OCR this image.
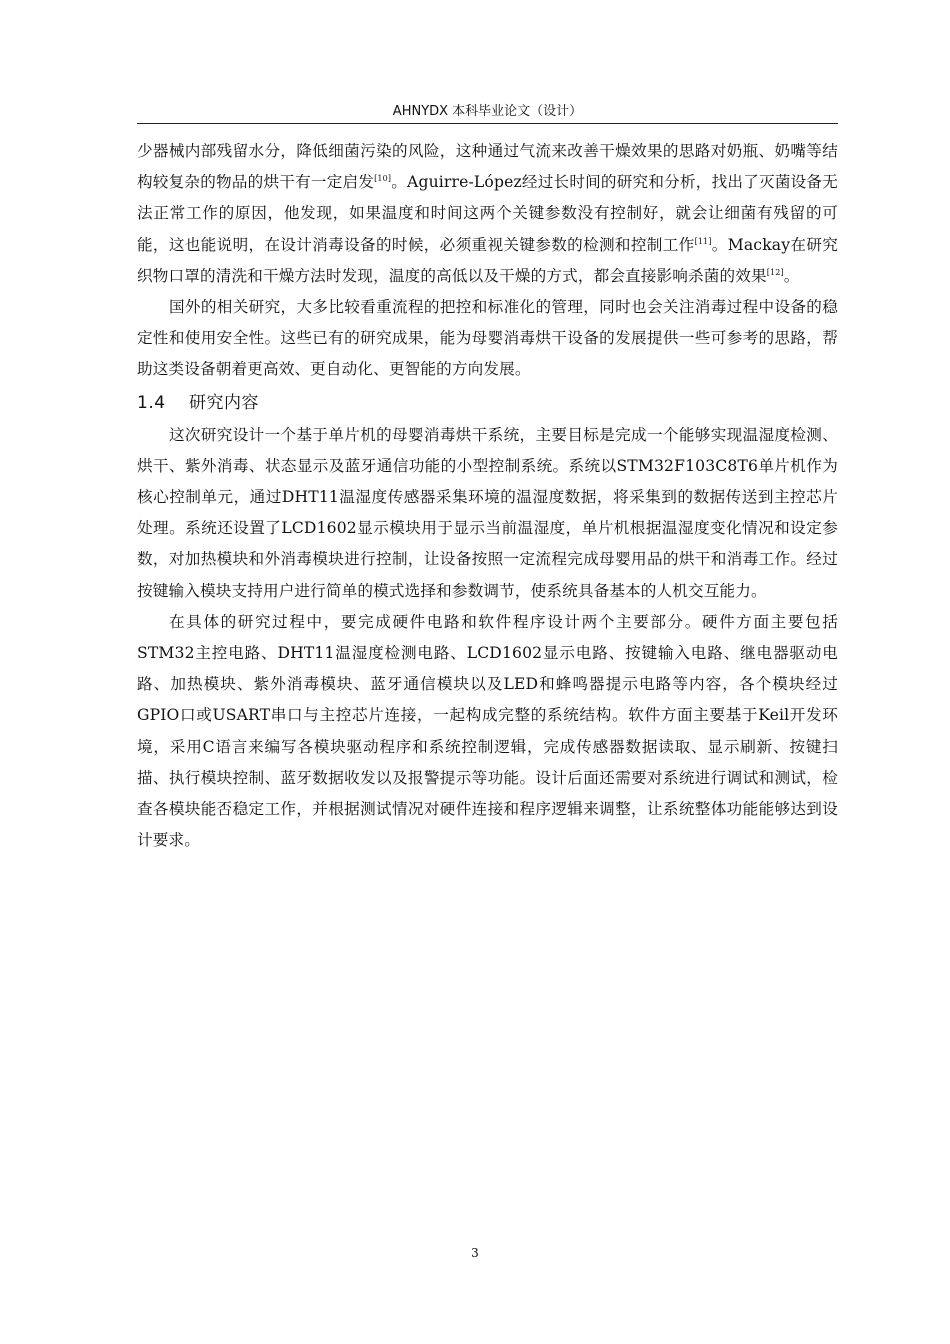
AHNYDX 本科毕业论文（设计）

少器械内部残留水分，降低细菌污染的风险，这种通过气流来改善干燥效果的思路对奶瓶、奶嘴等结构较复杂的物品的烘干有一定启发[10]。Aguirre-López经过长时间的研究和分析，找出了灭菌设备无法正常工作的原因，他发现，如果温度和时间这两个关键参数没有控制好，就会让细菌有残留的可能，这也能说明，在设计消毒设备的时候，必须重视关键参数的检测和控制工作[11]。Mackay在研究织物口罩的清洗和干燥方法时发现，温度的高低以及干燥的方式，都会直接影响杀菌的效果[12]。

国外的相关研究，大多比较看重流程的把控和标准化的管理，同时也会关注消毒过程中设备的稳定性和使用安全性。这些已有的研究成果，能为母婴消毒烘干设备的发展提供一些可参考的思路，帮助这类设备朝着更高效、更自动化、更智能的方向发展。

1.4 研究内容

这次研究设计一个基于单片机的母婴消毒烘干系统，主要目标是完成一个能够实现温湿度检测、烘干、紫外消毒、状态显示及蓝牙通信功能的小型控制系统。系统以STM32F103C8T6单片机作为核心控制单元，通过DHT11温湿度传感器采集环境的温湿度数据，将采集到的数据传送到主控芯片处理。系统还设置了LCD1602显示模块用于显示当前温湿度，单片机根据温湿度变化情况和设定参数，对加热模块和外消毒模块进行控制，让设备按照一定流程完成母婴用品的烘干和消毒工作。经过按键输入模块支持用户进行简单的模式选择和参数调节，使系统具备基本的人机交互能力。

在具体的研究过程中，要完成硬件电路和软件程序设计两个主要部分。硬件方面主要包括STM32主控电路、DHT11温湿度检测电路、LCD1602显示电路、按键输入电路、继电器驱动电路、加热模块、紫外消毒模块、蓝牙通信模块以及LED和蜂鸣器提示电路等内容，各个模块经过GPIO口或USART串口与主控芯片连接，一起构成完整的系统结构。软件方面主要基于Keil开发环境，采用C语言来编写各模块驱动程序和系统控制逻辑，完成传感器数据读取、显示刷新、按键扫描、执行模块控制、蓝牙数据收发以及报警提示等功能。设计后面还需要对系统进行调试和测试，检查各模块能否稳定工作，并根据测试情况对硬件连接和程序逻辑来调整，让系统整体功能能够达到设计要求。

3
